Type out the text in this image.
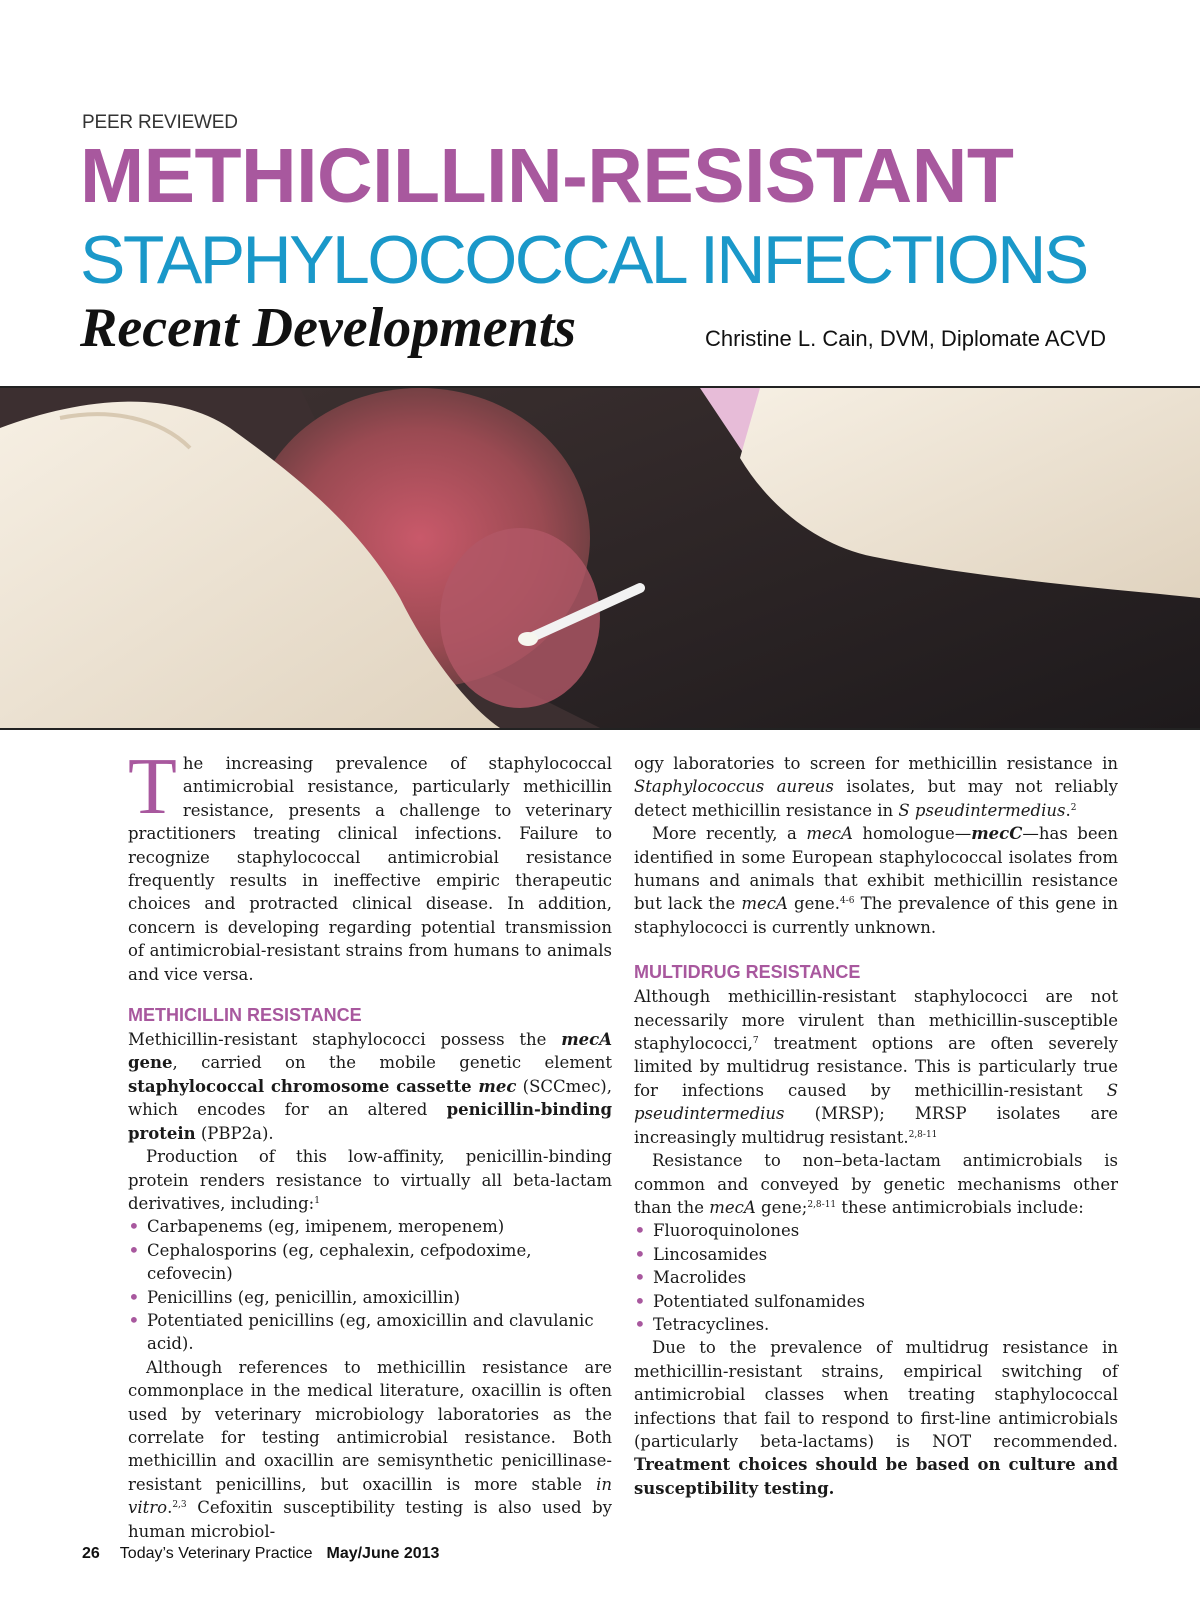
PEER REVIEWED
METHICILLIN-RESISTANT
STAPHYLOCOCCAL INFECTIONS
Recent Developments	Christine L. Cain, DVM, Diplomate ACVD

The increasing prevalence of staphylococcal antimicrobial resistance, particularly methicillin resistance, presents a challenge to veterinary practitioners treating clinical infections. Failure to recognize staphylococcal antimicrobial resistance frequently results in ineffective empiric therapeutic choices and protracted clinical disease. In addition, concern is developing regarding potential transmission of antimicrobial-resistant strains from humans to animals and vice versa.

METHICILLIN RESISTANCE

Methicillin-resistant staphylococci possess the mecA gene, carried on the mobile genetic element staphylococcal chromosome cassette mec (SCCmec), which encodes for an altered penicillin-binding protein (PBP2a).

Production of this low-affinity, penicillin-binding protein renders resistance to virtually all beta-lactam derivatives, including:$^1$

• Carbapenems (eg, imipenem, meropenem)
• Cephalosporins (eg, cephalexin, cefpodoxime, cefovecin)
• Penicillins (eg, penicillin, amoxicillin)
• Potentiated penicillins (eg, amoxicillin and clavulanic acid).

Although references to methicillin resistance are commonplace in the medical literature, oxacillin is often used by veterinary microbiology laboratories as the correlate for testing antimicrobial resistance. Both methicillin and oxacillin are semisynthetic penicillinase-resistant penicillins, but oxacillin is more stable in vitro.$^{2,3}$ Cefoxitin susceptibility testing is also used by human microbiol-

ogy laboratories to screen for methicillin resistance in Staphylococcus aureus isolates, but may not reliably detect methicillin resistance in S pseudintermedius.$^2$

More recently, a mecA homologue—mecC—has been identified in some European staphylococcal isolates from humans and animals that exhibit methicillin resistance but lack the mecA gene.$^{4-6}$ The prevalence of this gene in staphylococci is currently unknown.

MULTIDRUG RESISTANCE

Although methicillin-resistant staphylococci are not necessarily more virulent than methicillin-susceptible staphylococci,$^7$ treatment options are often severely limited by multidrug resistance. This is particularly true for infections caused by methicillin-resistant S pseudintermedius (MRSP); MRSP isolates are increasingly multidrug resistant.$^{2,8-11}$

Resistance to non–beta-lactam antimicrobials is common and conveyed by genetic mechanisms other than the mecA gene;$^{2,8-11}$ these antimicrobials include:

• Fluoroquinolones
• Lincosamides
• Macrolides
• Potentiated sulfonamides
• Tetracyclines.

Due to the prevalence of multidrug resistance in methicillin-resistant strains, empirical switching of antimicrobial classes when treating staphylococcal infections that fail to respond to first-line antimicrobials (particularly beta-lactams) is NOT recommended. Treatment choices should be based on culture and susceptibility testing.

26 Today’s Veterinary Practice May/June 2013
